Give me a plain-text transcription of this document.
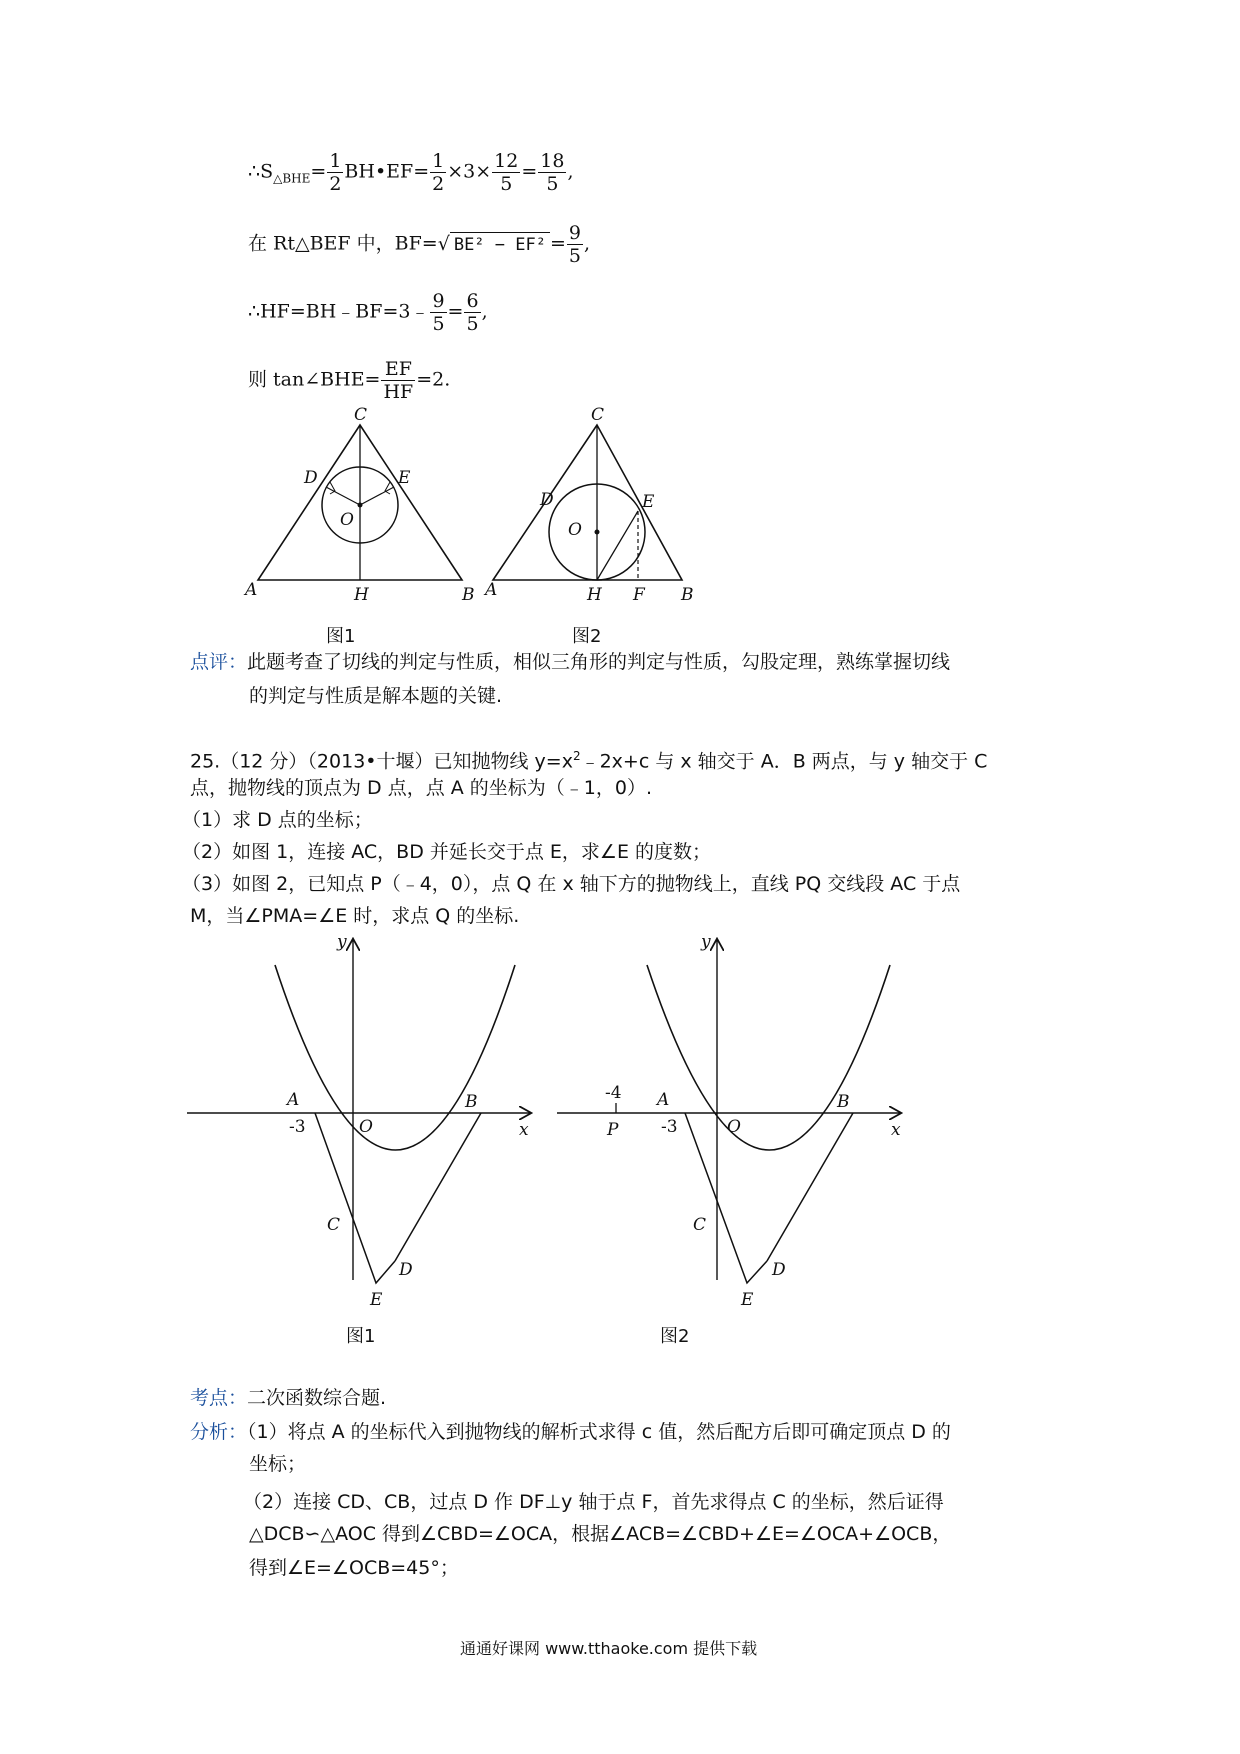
$\therefore S_{\triangle BHE}= \frac{1}{2}$ BH•EF= $\frac{1}{2} \times 3\times \frac{12}{5} = \frac{18}{5}$ ,
在 Rt△BEF 中，BF=√ $BE^2 - EF^2 = \frac{9}{5}$ ,
∴HF=BH﹣BF=3﹣ $\frac{9}{5} = \frac{6}{5}$ ,
则 tan∠BHE= $\frac{EF}{HF} =2$.
C
D	E
O
A	H	B
C
D	E
O
A	H F B
图1	图2
点评：此题考查了切线的判定与性质，相似三角形的判定与性质，勾股定理，熟练掌握切线
的判定与性质是解本题的关键.
25.（12 分）（2013•十堰）已知抛物线 $y=x^2﹣2x+c$ 与 x 轴交于 A．B 两点，与 y 轴交于 C
点，抛物线的顶点为 D 点，点 A 的坐标为（﹣1，0）.
（1）求 D 点的坐标；
（2）如图 1，连接 AC，BD 并延长交于点 E，求∠E 的度数；
（3）如图 2，已知点 P（﹣4，0），点 Q 在 x 轴下方的抛物线上，直线 PQ 交线段 AC 于点
M，当∠PMA=∠E 时，求点 Q 的坐标.
y
x
A	B
O
-3
C
D
E
y
x
A	B
O
-3
-4
P
C
D
E
图1	图2
考点：二次函数综合题.
分析：（1）将点 A 的坐标代入到抛物线的解析式求得 c 值，然后配方后即可确定顶点 D 的
坐标；
（2）连接 CD、CB，过点 D 作 DF⊥y 轴于点 F，首先求得点 C 的坐标，然后证得
△DCB∽△AOC 得到∠CBD=∠OCA，根据∠ACB=∠CBD+∠E=∠OCA+∠OCB，
得到∠E=∠OCB=45°；
通通好课网 www.tthaoke.com 提供下载
